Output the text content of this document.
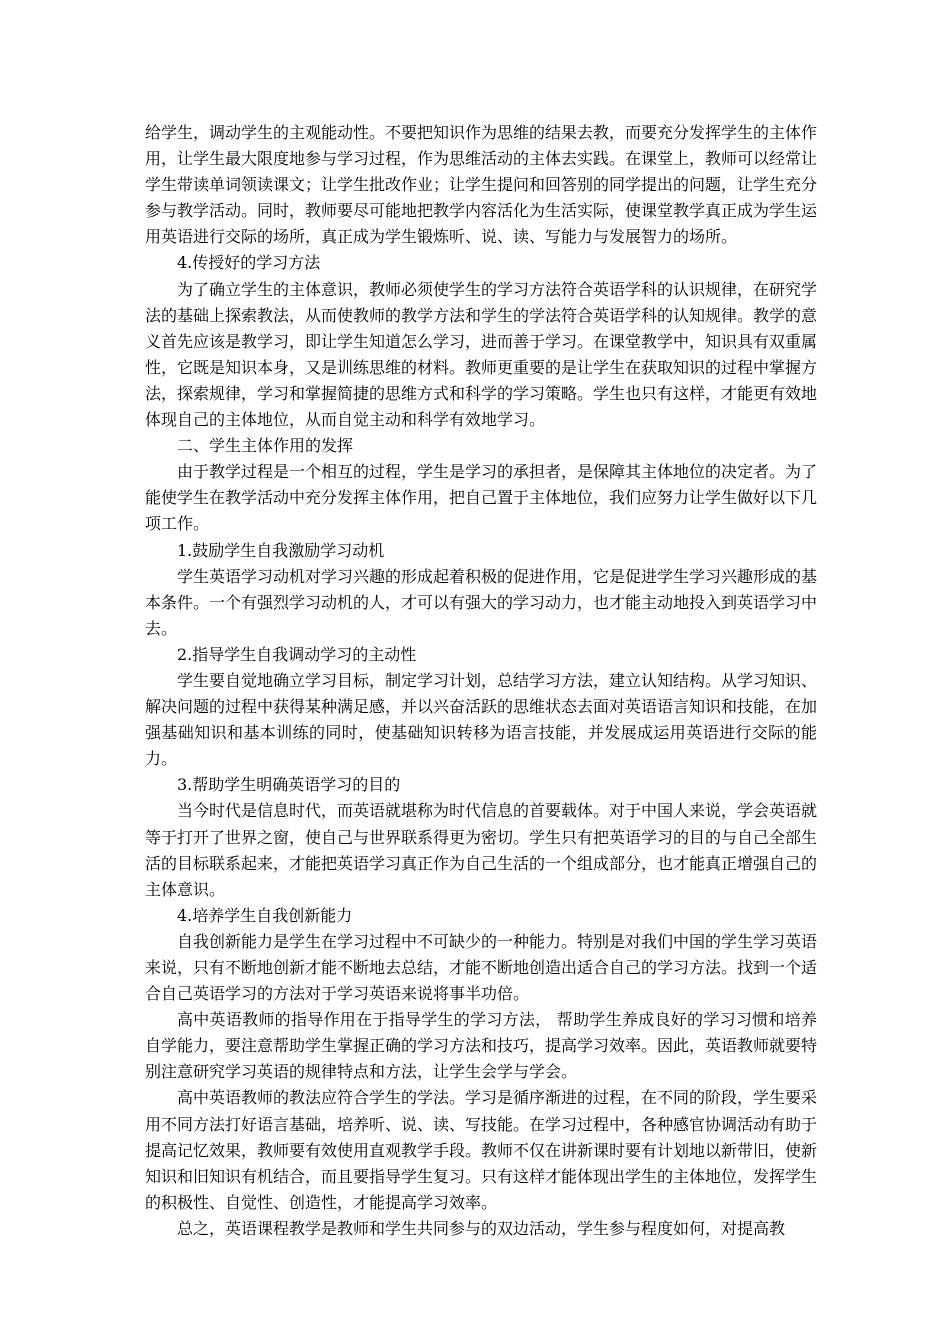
给学生，调动学生的主观能动性。不要把知识作为思维的结果去教，而要充分发挥学生的主体作用，让学生最大限度地参与学习过程，作为思维活动的主体去实践。在课堂上，教师可以经常让学生带读单词领读课文；让学生批改作业；让学生提问和回答别的同学提出的问题，让学生充分参与教学活动。同时，教师要尽可能地把教学内容活化为生活实际，使课堂教学真正成为学生运用英语进行交际的场所，真正成为学生锻炼听、说、读、写能力与发展智力的场所。

4.传授好的学习方法

为了确立学生的主体意识，教师必须使学生的学习方法符合英语学科的认识规律，在研究学法的基础上探索教法，从而使教师的教学方法和学生的学法符合英语学科的认知规律。教学的意义首先应该是教学习，即让学生知道怎么学习，进而善于学习。在课堂教学中，知识具有双重属性，它既是知识本身，又是训练思维的材料。教师更重要的是让学生在获取知识的过程中掌握方法，探索规律，学习和掌握简捷的思维方式和科学的学习策略。学生也只有这样，才能更有效地体现自己的主体地位，从而自觉主动和科学有效地学习。

二、学生主体作用的发挥

由于教学过程是一个相互的过程，学生是学习的承担者，是保障其主体地位的决定者。为了能使学生在教学活动中充分发挥主体作用，把自己置于主体地位，我们应努力让学生做好以下几项工作。

1.鼓励学生自我激励学习动机

学生英语学习动机对学习兴趣的形成起着积极的促进作用，它是促进学生学习兴趣形成的基本条件。一个有强烈学习动机的人，才可以有强大的学习动力，也才能主动地投入到英语学习中去。

2.指导学生自我调动学习的主动性

学生要自觉地确立学习目标，制定学习计划，总结学习方法，建立认知结构。从学习知识、解决问题的过程中获得某种满足感，并以兴奋活跃的思维状态去面对英语语言知识和技能，在加强基础知识和基本训练的同时，使基础知识转移为语言技能，并发展成运用英语进行交际的能力。

3.帮助学生明确英语学习的目的

当今时代是信息时代，而英语就堪称为时代信息的首要载体。对于中国人来说，学会英语就等于打开了世界之窗，使自己与世界联系得更为密切。学生只有把英语学习的目的与自己全部生活的目标联系起来，才能把英语学习真正作为自己生活的一个组成部分，也才能真正增强自己的主体意识。

4.培养学生自我创新能力

自我创新能力是学生在学习过程中不可缺少的一种能力。特别是对我们中国的学生学习英语来说，只有不断地创新才能不断地去总结，才能不断地创造出适合自己的学习方法。找到一个适合自己英语学习的方法对于学习英语来说将事半功倍。

高中英语教师的指导作用在于指导学生的学习方法， 帮助学生养成良好的学习习惯和培养自学能力，要注意帮助学生掌握正确的学习方法和技巧，提高学习效率。因此，英语教师就要特别注意研究学习英语的规律特点和方法，让学生会学与学会。

高中英语教师的教法应符合学生的学法。学习是循序渐进的过程，在不同的阶段，学生要采用不同方法打好语言基础，培养听、说、读、写技能。在学习过程中，各种感官协调活动有助于提高记忆效果，教师要有效使用直观教学手段。教师不仅在讲新课时要有计划地以新带旧，使新知识和旧知识有机结合，而且要指导学生复习。只有这样才能体现出学生的主体地位，发挥学生的积极性、自觉性、创造性，才能提高学习效率。

总之，英语课程教学是教师和学生共同参与的双边活动，学生参与程度如何，对提高教
